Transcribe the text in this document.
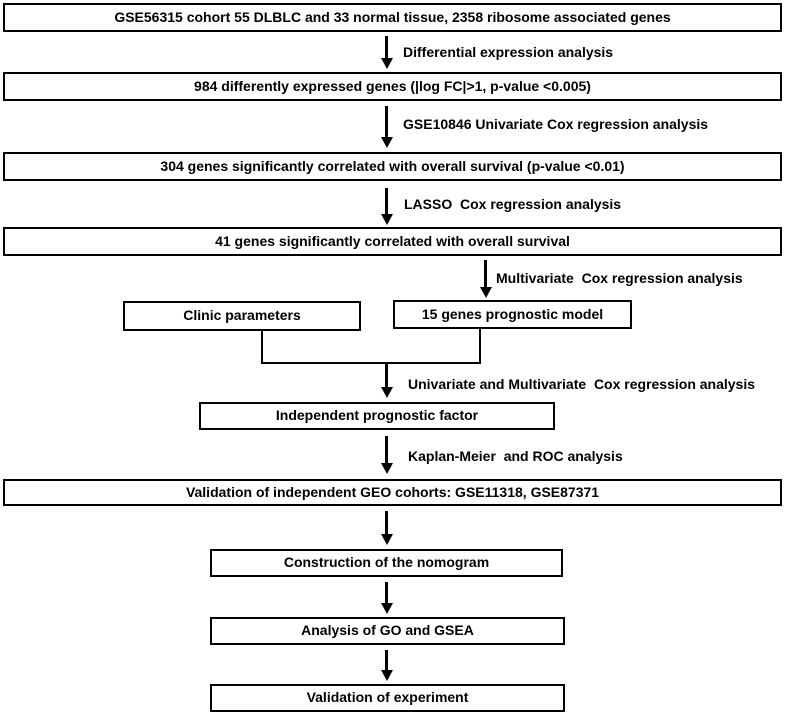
GSE56315 cohort 55 DLBLC and 33 normal tissue, 2358 ribosome associated genes
Differential expression analysis
984 differently expressed genes (|log FC|>1, p-value <0.005)
GSE10846 Univariate Cox regression analysis
304 genes significantly correlated with overall survival (p-value <0.01)
LASSO  Cox regression analysis
41 genes significantly correlated with overall survival
Multivariate  Cox regression analysis
Clinic parameters	15 genes prognostic model
Univariate and Multivariate  Cox regression analysis
Independent prognostic factor
Kaplan-Meier  and ROC analysis
Validation of independent GEO cohorts: GSE11318, GSE87371
Construction of the nomogram
Analysis of GO and GSEA
Validation of experiment
